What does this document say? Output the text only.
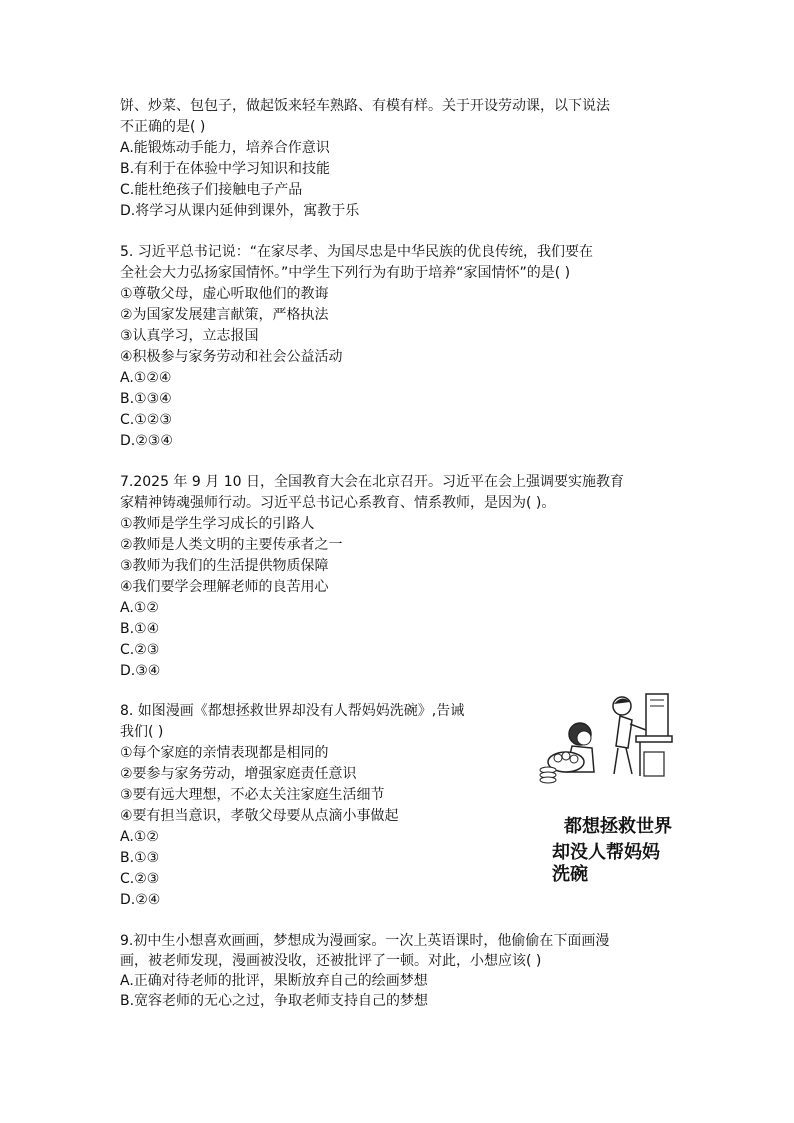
饼、炒菜、包包子，做起饭来轻车熟路、有模有样。关于开设劳动课，以下说法
不正确的是( )
A.能锻炼动手能力，培养合作意识
B.有利于在体验中学习知识和技能
C.能杜绝孩子们接触电子产品
D.将学习从课内延伸到课外，寓教于乐
5. 习近平总书记说：“在家尽孝、为国尽忠是中华民族的优良传统，我们要在
全社会大力弘扬家国情怀。”中学生下列行为有助于培养“家国情怀”的是( )
①尊敬父母，虚心听取他们的教诲
②为国家发展建言献策，严格执法
③认真学习，立志报国
④积极参与家务劳动和社会公益活动
A.①②④
B.①③④
C.①②③
D.②③④
7.2025 年 9 月 10 日，全国教育大会在北京召开。习近平在会上强调要实施教育
家精神铸魂强师行动。习近平总书记心系教育、情系教师，是因为( )。
①教师是学生学习成长的引路人
②教师是人类文明的主要传承者之一
③教师为我们的生活提供物质保障
④我们要学会理解老师的良苦用心
A.①②
B.①④
C.②③
D.③④
8. 如图漫画《都想拯救世界却没有人帮妈妈洗碗》,告诫
我们( )
①每个家庭的亲情表现都是相同的
②要参与家务劳动，增强家庭责任意识
③要有远大理想，不必太关注家庭生活细节
④要有担当意识，孝敬父母要从点滴小事做起
A.①②
B.①③
C.②③
D.②④
都想拯救世界
却没人帮妈妈洗碗
9.初中生小想喜欢画画，梦想成为漫画家。一次上英语课时，他偷偷在下面画漫
画，被老师发现，漫画被没收，还被批评了一顿。对此，小想应该( )
A.正确对待老师的批评，果断放弃自己的绘画梦想
B.宽容老师的无心之过，争取老师支持自己的梦想
